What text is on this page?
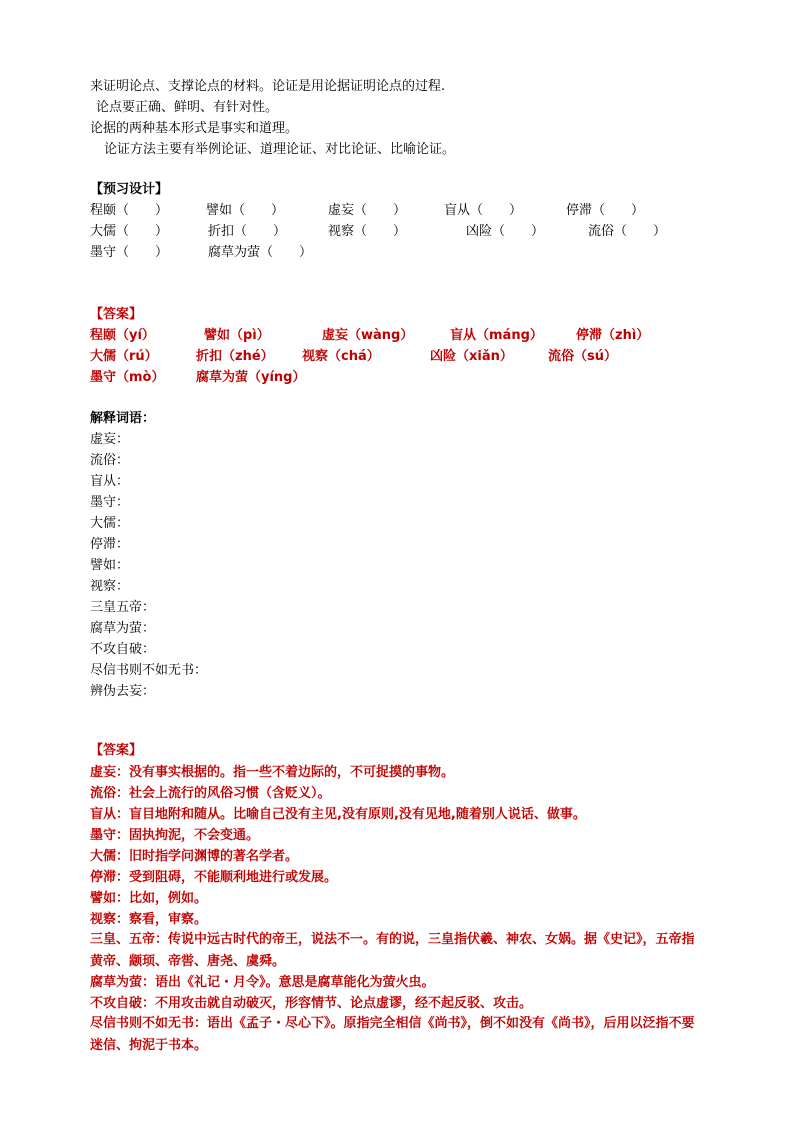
来证明论点、支撑论点的材料。论证是用论据证明论点的过程.
论点要正确、鲜明、有针对性。
论据的两种基本形式是事实和道理。
论证方法主要有举例论证、道理论证、对比论证、比喻论证。
【预习设计】
程颐（　　）	譬如（　　）	虚妄（　　）	盲从（　　）	停滞（　　）
大儒（　　）	折扣（　　）	视察（　　）	凶险（　　）	流俗（　　）
墨守（　　）	腐草为萤（　　）
【答案】
程颐（yí）	譬如（pì）	虚妄（wàng）	盲从（máng）	停滞（zhì）
大儒（rú）	折扣（zhé） 视察（chá）	凶险（xiǎn）	流俗（sú）
墨守（mò） 腐草为萤（yíng）
解释词语：
虚妄：
流俗：
盲从：
墨守：
大儒：
停滞：
譬如：
视察：
三皇五帝：
腐草为萤：
不攻自破：
尽信书则不如无书：
辨伪去妄：
【答案】
虚妄：没有事实根据的。指一些不着边际的，不可捉摸的事物。
流俗：社会上流行的风俗习惯（含贬义）。
盲从：盲目地附和随从。比喻自己没有主见,没有原则,没有见地,随着别人说话、做事。
墨守：固执拘泥，不会变通。
大儒：旧时指学问渊博的著名学者。
停滞：受到阻碍，不能顺利地进行或发展。
譬如：比如，例如。
视察：察看，审察。
三皇、五帝：传说中远古时代的帝王，说法不一。有的说，三皇指伏羲、神农、女娲。据《史记》，五帝指黄帝、颛顼、帝喾、唐尧、虞舜。
腐草为萤：语出《礼记・月令》。意思是腐草能化为萤火虫。
不攻自破：不用攻击就自动破灭，形容情节、论点虚谬，经不起反驳、攻击。
尽信书则不如无书：语出《孟子・尽心下》。原指完全相信《尚书》，倒不如没有《尚书》，后用以泛指不要迷信、拘泥于书本。
